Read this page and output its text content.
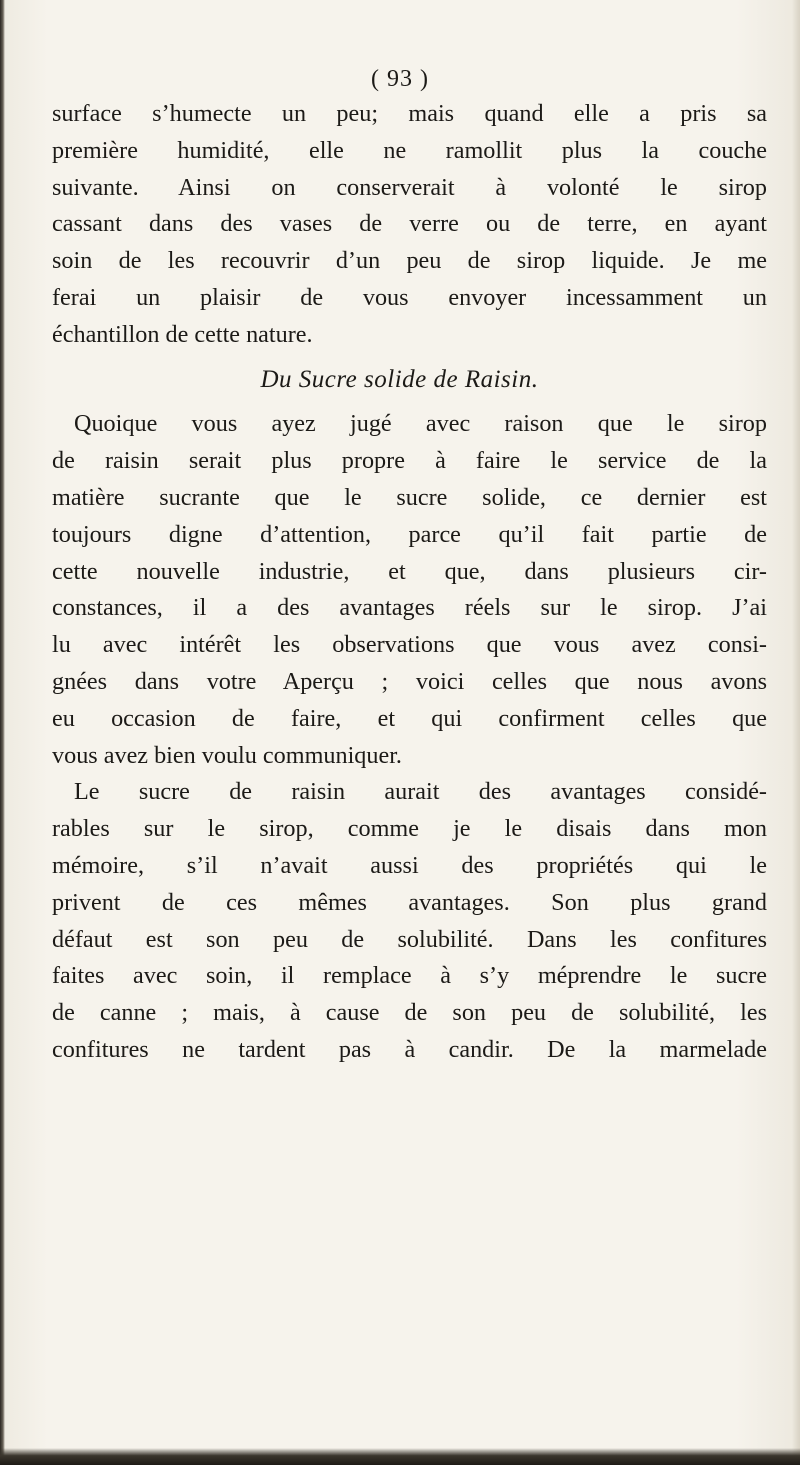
( 93 )
surface s’humecte un peu; mais quand elle a pris sa
première humidité, elle ne ramollit plus la couche
suivante. Ainsi on conserverait à volonté le sirop
cassant dans des vases de verre ou de terre, en ayant
soin de les recouvrir d’un peu de sirop liquide. Je me
ferai un plaisir de vous envoyer incessamment un
échantillon de cette nature.
Du Sucre solide de Raisin.
Quoique vous ayez jugé avec raison que le sirop
de raisin serait plus propre à faire le service de la
matière sucrante que le sucre solide, ce dernier est
toujours digne d’attention, parce qu’il fait partie de
cette nouvelle industrie, et que, dans plusieurs cir-
constances, il a des avantages réels sur le sirop. J’ai
lu avec intérêt les observations que vous avez consi-
gnées dans votre Aperçu ; voici celles que nous avons
eu occasion de faire, et qui confirment celles que
vous avez bien voulu communiquer.
Le sucre de raisin aurait des avantages considé-
rables sur le sirop, comme je le disais dans mon
mémoire, s’il n’avait aussi des propriétés qui le
privent de ces mêmes avantages. Son plus grand
défaut est son peu de solubilité. Dans les confitures
faites avec soin, il remplace à s’y méprendre le sucre
de canne ; mais, à cause de son peu de solubilité, les
confitures ne tardent pas à candir. De la marmelade
